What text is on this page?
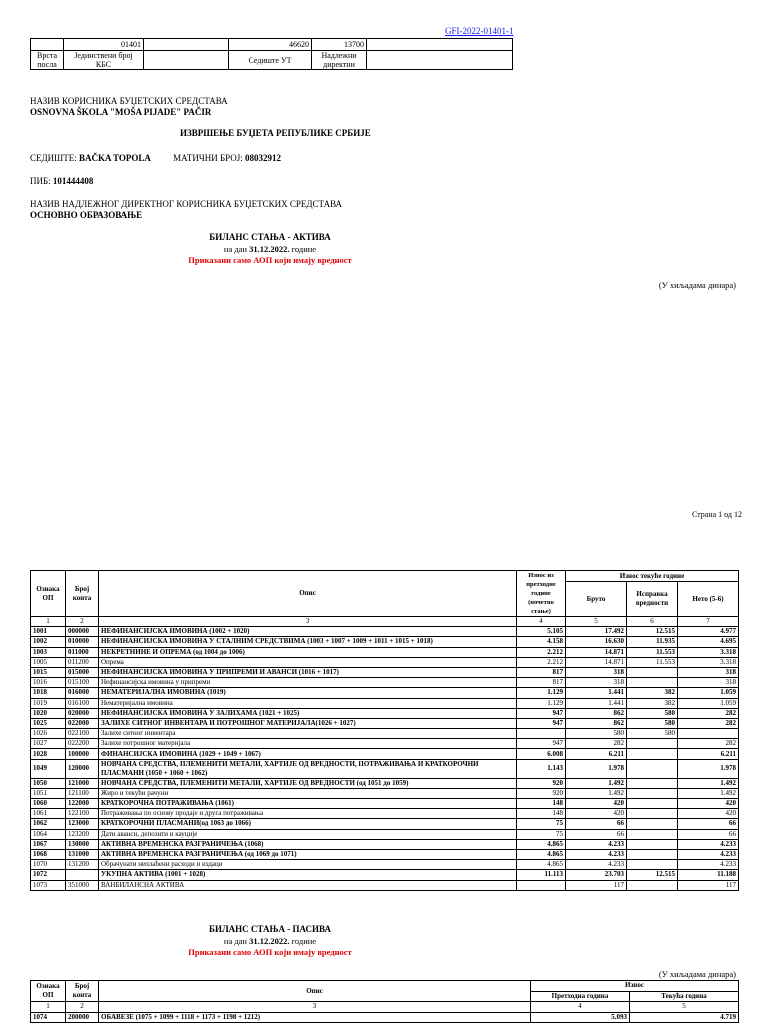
GFI-2022-01401-1
	01401		46620	13700	
Врста посла	Јединствени број КБС		Седиште УТ	Надлежни директни	
НАЗИВ КОРИСНИКА БУЏЕТСКИХ СРЕДСТАВА
OSNOVNA ŠKOLA "MOŠA PIJADE" PAČIR
ИЗВРШЕЊЕ БУЏЕТА РЕПУБЛИКЕ СРБИЈЕ
СЕДИШТЕ: BAČKA TOPOLA МАТИЧНИ БРОЈ: 08032912
ПИБ: 101444408
НАЗИВ НАДЛЕЖНОГ ДИРЕКТНОГ КОРИСНИКА БУЏЕТСКИХ СРЕДСТАВА
ОСНОВНО ОБРАЗОВАЊЕ
БИЛАНС СТАЊА - АКТИВА
на дан 31.12.2022. године
Приказани само АОП који имају вредност
(У хиљадама динара)
Страна 1 од 12
Ознака ОП	Број конта	Опис	Износ из претходне године (почетно стање)	Износ текуће године		
				Бруто	Исправка вредности	Нето (5-6)
1	2	3	4	5	6	7
1001	000000	НЕФИНАНСИЈСКА ИМОВИНА (1002 + 1020)	5.105	17.492	12.515	4.977
1002	010000	НЕФИНАНСИЈСКА ИМОВИНА У СТАЛНИМ СРЕДСТВИМА (1003 + 1007 + 1009 + 1011 + 1015 + 1018)	4.158	16.630	11.935	4.695
1003	011000	НЕКРЕТНИНЕ И ОПРЕМА (од 1004 до 1006)	2.212	14.871	11.553	3.318
1005	011200	Опрема	2.212	14.871	11.553	3.318
1015	015000	НЕФИНАНСИЈСКА ИМОВИНА У ПРИПРЕМИ И АВАНСИ (1016 + 1017)	817	318		318
1016	015100	Нефинансијска имовина у припреми	817	318		318
1018	016000	НЕМАТЕРИЈАЛНА ИМОВИНА (1019)	1.129	1.441	382	1.059
1019	016100	Нематеријална имовина	1.129	1.441	382	1.059
1020	020000	НЕФИНАНСИЈСКА ИМОВИНА У ЗАЛИХАМА (1021 + 1025)	947	862	580	282
1025	022000	ЗАЛИХЕ СИТНОГ ИНВЕНТАРА И ПОТРОШНОГ МАТЕРИЈАЛА(1026 + 1027)	947	862	580	282
1026	022100	Залихе ситног инвентара		580	580	
1027	022200	Залихе потрошног материјала	947	282		282
1028	100000	ФИНАНСИЈСКА ИМОВИНА (1029 + 1049 + 1067)	6.008	6.211		6.211
1049	120000	НОВЧАНА СРЕДСТВА, ПЛЕМЕНИТИ МЕТАЛИ, ХАРТИЈЕ ОД ВРЕДНОСТИ, ПОТРАЖИВАЊА И КРАТКОРОЧНИ ПЛАСМАНИ (1050 + 1060 + 1062)	1.143	1.978		1.978
1050	121000	НОВЧАНА СРЕДСТВА, ПЛЕМЕНИТИ МЕТАЛИ, ХАРТИЈЕ ОД ВРЕДНОСТИ (од 1051 до 1059)	920	1.492		1.492
1051	121100	Жиро и текући рачуни	920	1.492		1.492
1060	122000	КРАТКОРОЧНА ПОТРАЖИВАЊА (1061)	148	420		420
1061	122100	Потраживања по основу продаје и друга потраживања	148	420		420
1062	123000	КРАТКОРОЧНИ ПЛАСМАНИ(од 1063 до 1066)	75	66		66
1064	123200	Дати аванси, депозити и кауције	75	66		66
1067	130000	АКТИВНА ВРЕМЕНСКА РАЗГРАНИЧЕЊА (1068)	4.865	4.233		4.233
1068	131000	АКТИВНА ВРЕМЕНСКА РАЗГРАНИЧЕЊА (од 1069 до 1071)	4.865	4.233		4.233
1070	131200	Обрачунати неплаћени расходи и издаци	4.865	4.233		4.233
1072		УКУПНА АКТИВА (1001 + 1028)	11.113	23.703	12.515	11.188
1073	351000	ВАНБИЛАНСНА АКТИВА		117		117
БИЛАНС СТАЊА - ПАСИВА
на дан 31.12.2022. године
Приказани само АОП који имају вредност
(У хиљадама динара)
Ознака ОП	Број конта	Опис	Износ	
			Претходна година	Текућа година
1	2	3	4	5
1074	200000	ОБАВЕЗЕ (1075 + 1099 + 1118 + 1173 + 1198 + 1212)	5.093	4.719
